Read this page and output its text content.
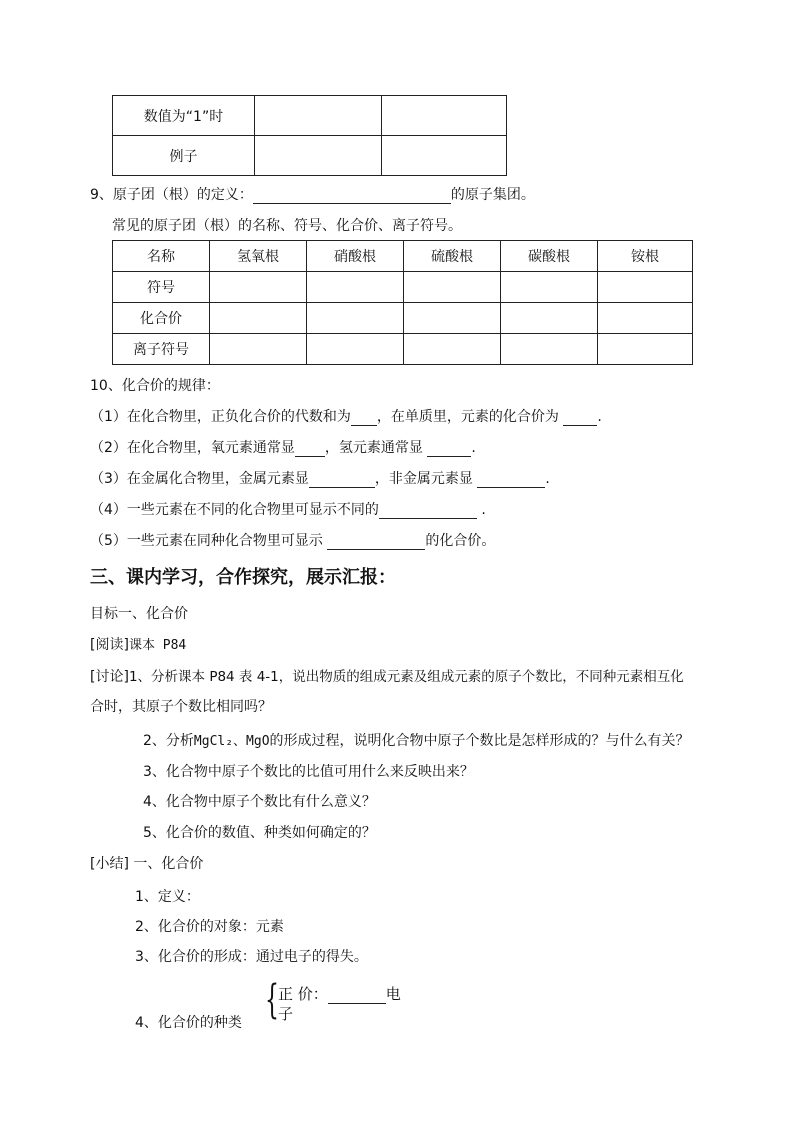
数值为“1”时		
例子		
9、原子团（根）的定义：	的原子集团。
常见的原子团（根）的名称、符号、化合价、离子符号。
名称	氢氧根	硝酸根	硫酸根	碳酸根	铵根
符号					
化合价					
离子符号					
10、化合价的规律：
（1）在化合物里，正负化合价的代数和为 ，在单质里，元素的化合价为	.
（2）在化合物里，氧元素通常显 ，氢元素通常显	.
（3）在金属化合物里，金属元素显	，非金属元素显	.
（4）一些元素在不同的化合物里可显示不同的	.
（5）一些元素在同种化合物里可显示	的化合价。
三、课内学习，合作探究，展示汇报：
目标一、化合价
[阅读]课本 P84
[讨论]1、分析课本 P84 表 4-1，说出物质的组成元素及组成元素的原子个数比，不同种元素相互化
合时，其原子个数比相同吗？
2、分析MgCl₂、MgO的形成过程，说明化合物中原子个数比是怎样形成的？与什么有关？
3、化合物中原子个数比的比值可用什么来反映出来？
4、化合物中原子个数比有什么意义？
5、化合价的数值、种类如何确定的？
[小结] 一、化合价
1、定义：
2、化合价的对象：元素
3、化合价的形成：通过电子的得失。
4、化合价的种类 { 正 价：	电
子
